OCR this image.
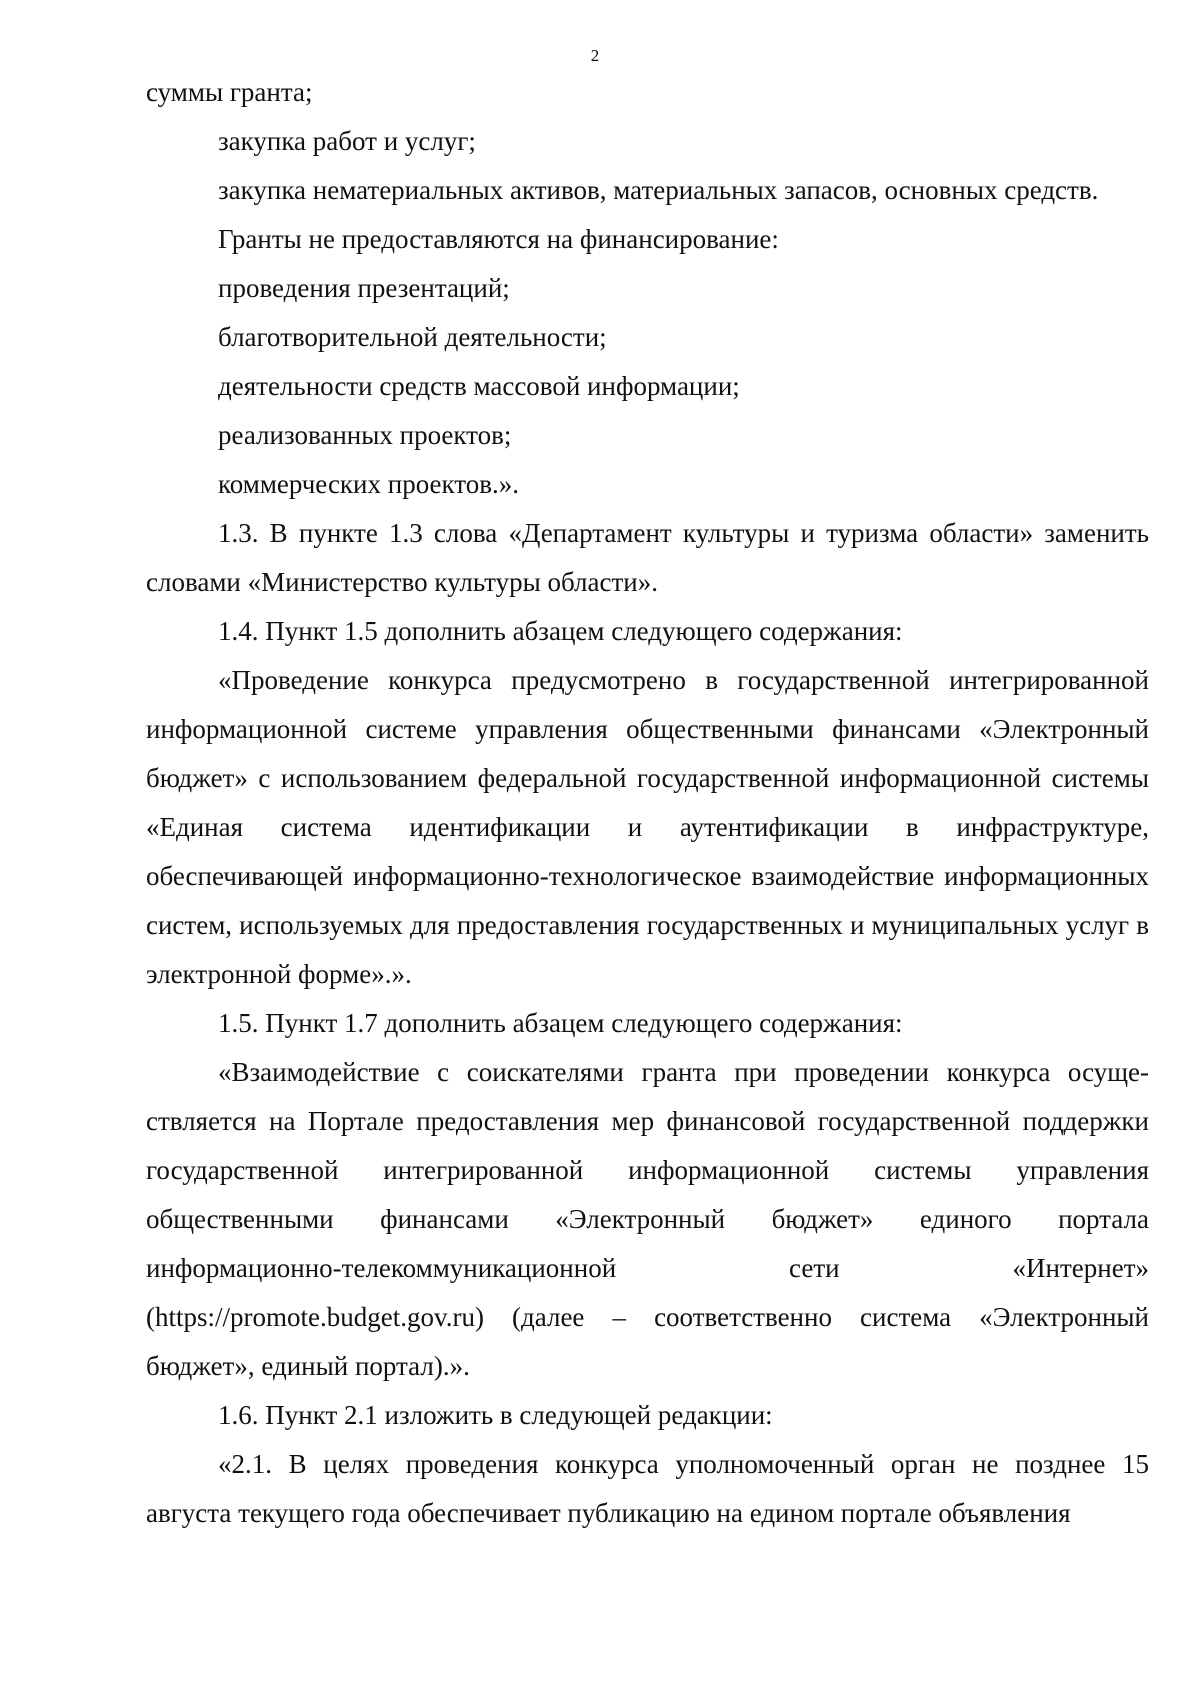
2

суммы гранта;

закупка работ и услуг;

закупка нематериальных активов, материальных запасов, основных средств.

Гранты не предоставляются на финансирование:

проведения презентаций;

благотворительной деятельности;

деятельности средств массовой информации;

реализованных проектов;

коммерческих проектов.».

1.3. В пункте 1.3 слова «Департамент культуры и туризма области» заменить словами «Министерство культуры области».

1.4. Пункт 1.5 дополнить абзацем следующего содержания:

«Проведение конкурса предусмотрено в государственной интегрированной информационной системе управления общественными финансами «Электронный бюджет» с использованием федеральной государственной информационной системы «Единая система идентификации и аутентификации в инфраструктуре, обеспечивающей информационно-технологическое взаимодействие информационных систем, используемых для предоставления государственных и муниципальных услуг в электронной форме».».

1.5. Пункт 1.7 дополнить абзацем следующего содержания:

«Взаимодействие с соискателями гранта при проведении конкурса осуществляется на Портале предоставления мер финансовой государственной поддержки государственной интегрированной информационной системы управления общественными финансами «Электронный бюджет» единого портала информационно-телекоммуникационной сети «Интернет» (https://promote.budget.gov.ru) (далее – соответственно система «Электронный бюджет», единый портал).».

1.6. Пункт 2.1 изложить в следующей редакции:

«2.1. В целях проведения конкурса уполномоченный орган не позднее 15 августа текущего года обеспечивает публикацию на едином портале объявления
